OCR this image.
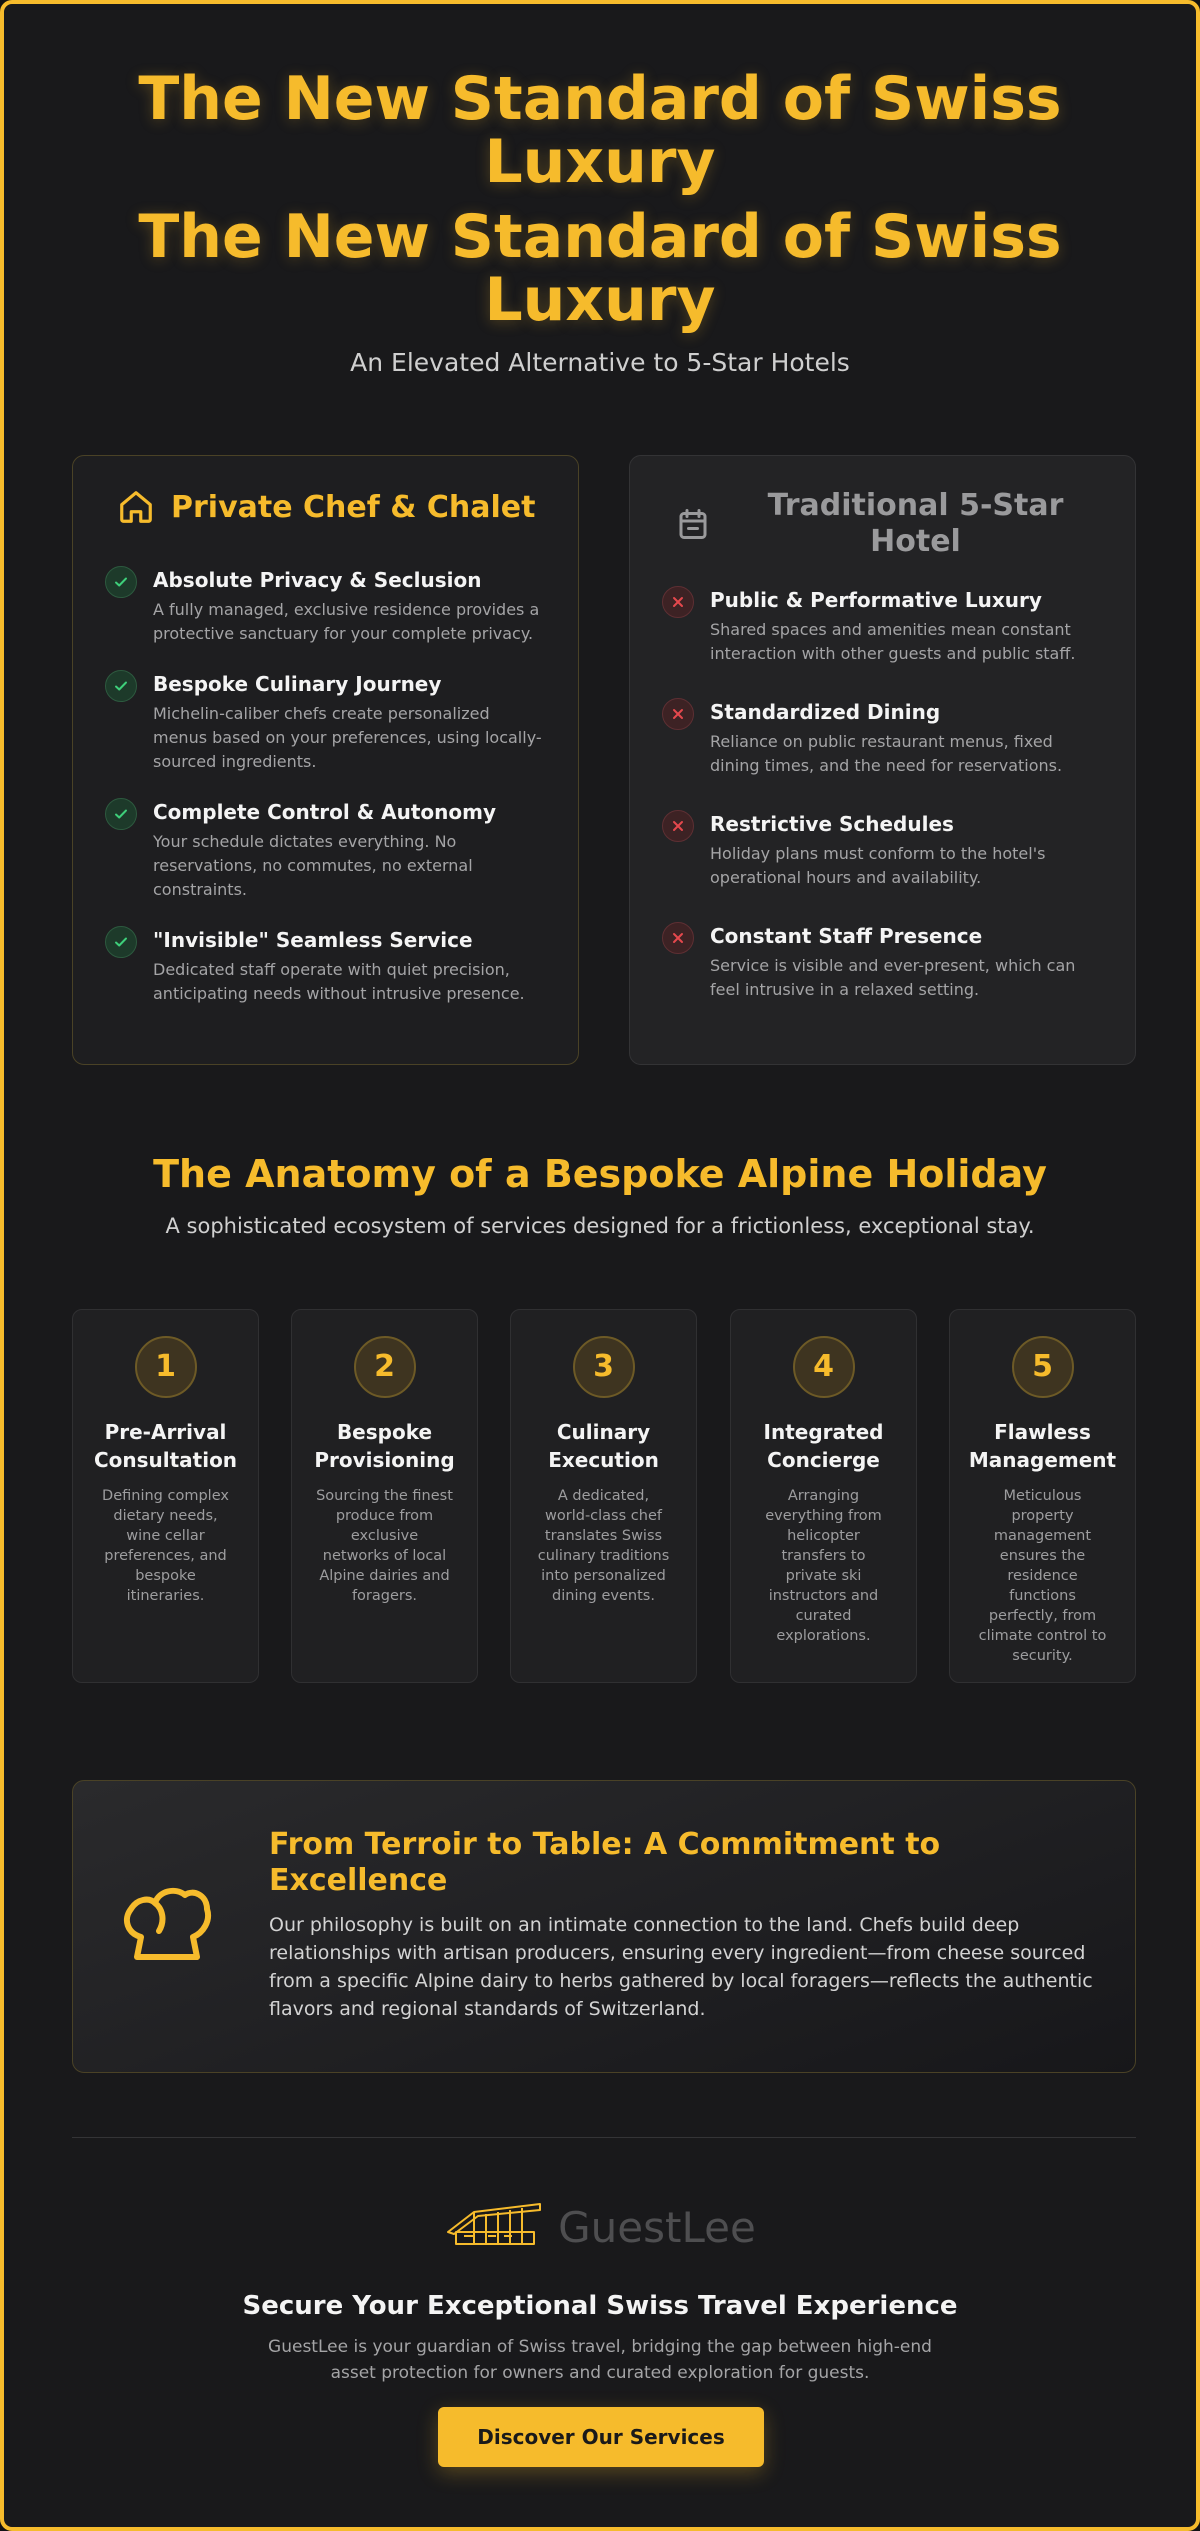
The New Standard of Swiss Luxury
The New Standard of Swiss Luxury

An Elevated Alternative to 5-Star Hotels

Private Chef & Chalet
Absolute Privacy & Seclusion

A fully managed, exclusive residence provides a protective sanctuary for your complete privacy.

Bespoke Culinary Journey

Michelin-caliber chefs create personalized menus based on your preferences, using locally-sourced ingredients.

Complete Control & Autonomy

Your schedule dictates everything. No reservations, no commutes, no external constraints.

"Invisible" Seamless Service

Dedicated staff operate with quiet precision, anticipating needs without intrusive presence.

Traditional 5-Star Hotel
Public & Performative Luxury

Shared spaces and amenities mean constant interaction with other guests and public staff.

Standardized Dining

Reliance on public restaurant menus, fixed dining times, and the need for reservations.

Restrictive Schedules

Holiday plans must conform to the hotel's operational hours and availability.

Constant Staff Presence

Service is visible and ever-present, which can feel intrusive in a relaxed setting.

The Anatomy of a Bespoke Alpine Holiday

A sophisticated ecosystem of services designed for a frictionless, exceptional stay.

1
Pre-Arrival Consultation

Defining complex dietary needs, wine cellar preferences, and bespoke itineraries.

2
Bespoke Provisioning

Sourcing the finest produce from exclusive networks of local Alpine dairies and foragers.

3
Culinary Execution

A dedicated, world-class chef translates Swiss culinary traditions into personalized dining events.

4
Integrated Concierge

Arranging everything from helicopter transfers to private ski instructors and curated explorations.

5
Flawless Management

Meticulous property management ensures the residence functions perfectly, from climate control to security.

From Terroir to Table: A Commitment to Excellence

Our philosophy is built on an intimate connection to the land. Chefs build deep relationships with artisan producers, ensuring every ingredient—from cheese sourced from a specific Alpine dairy to herbs gathered by local foragers—reflects the authentic flavors and regional standards of Switzerland.

GuestLee
Secure Your Exceptional Swiss Travel Experience

GuestLee is your guardian of Swiss travel, bridging the gap between high-end asset protection for owners and curated exploration for guests.

Discover Our Services
